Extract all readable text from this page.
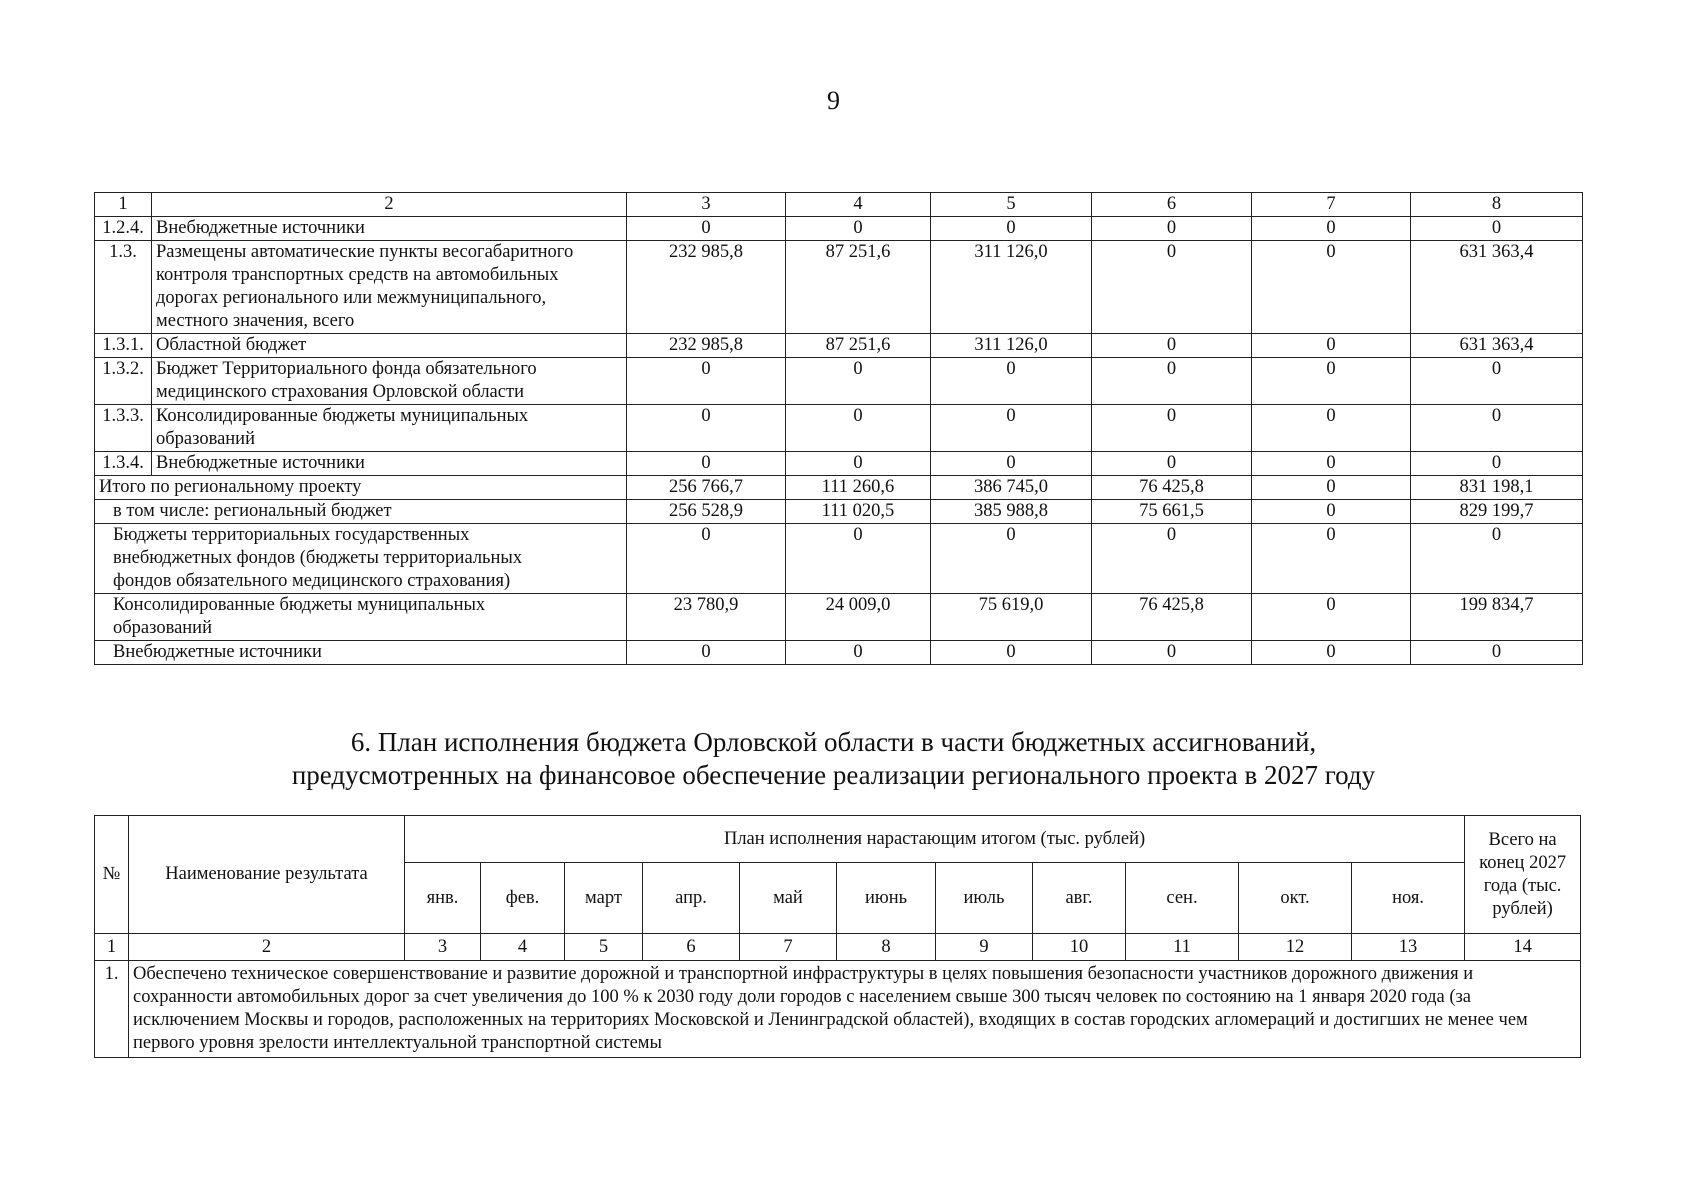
9
1	2	3	4	5	6	7	8
1.2.4.	Внебюджетные источники	0	0	0	0	0	0
1.3.	Размещены автоматические пункты весогабаритного контроля транспортных средств на автомобильных дорогах регионального или межмуниципального, местного значения, всего	232 985,8	87 251,6	311 126,0	0	0	631 363,4
1.3.1.	Областной бюджет	232 985,8	87 251,6	311 126,0	0	0	631 363,4
1.3.2.	Бюджет Территориального фонда обязательного медицинского страхования Орловской области	0	0	0	0	0	0
1.3.3.	Консолидированные бюджеты муниципальных образований	0	0	0	0	0	0
1.3.4.	Внебюджетные источники	0	0	0	0	0	0
Итого по региональному проекту		256 766,7	111 260,6	386 745,0	76 425,8	0	831 198,1
в том числе: региональный бюджет		256 528,9	111 020,5	385 988,8	75 661,5	0	829 199,7
Бюджеты территориальных государственных внебюджетных фондов (бюджеты территориальных фондов обязательного медицинского страхования)		0	0	0	0	0	0
Консолидированные бюджеты муниципальных образований		23 780,9	24 009,0	75 619,0	76 425,8	0	199 834,7
Внебюджетные источники		0	0	0	0	0	0
6. План исполнения бюджета Орловской области в части бюджетных ассигнований,
предусмотренных на финансовое обеспечение реализации регионального проекта в 2027 году
№	Наименование результата	План исполнения нарастающим итогом (тыс. рублей)											Всего на конец 2027 года (тыс. рублей)
		янв.	фев.	март	апр.	май	июнь	июль	авг.	сен.	окт.	ноя.	
1	2	3	4	5	6	7	8	9	10	11	12	13	14
1.	Обеспечено техническое совершенствование и развитие дорожной и транспортной инфраструктуры в целях повышения безопасности участников дорожного движения и сохранности автомобильных дорог за счет увеличения до 100 % к 2030 году доли городов с населением свыше 300 тысяч человек по состоянию на 1 января 2020 года (за исключением Москвы и городов, расположенных на территориях Московской и Ленинградской областей), входящих в состав городских агломераций и достигших не менее чем первого уровня зрелости интеллектуальной транспортной системы												
